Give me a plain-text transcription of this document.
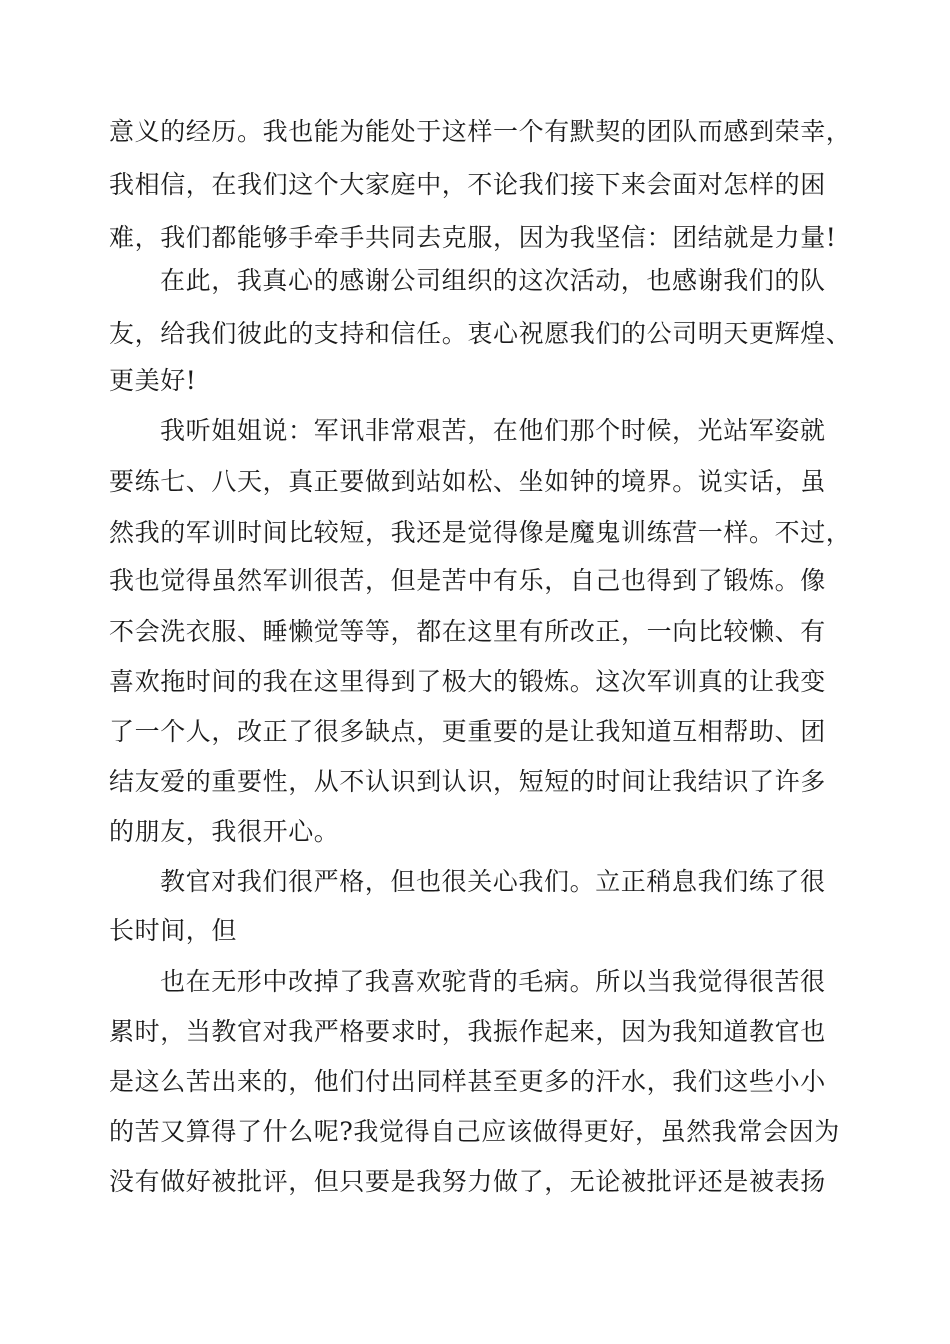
意义的经历。我也能为能处于这样一个有默契的团队而感到荣幸，
我相信，在我们这个大家庭中，不论我们接下来会面对怎样的困
难，我们都能够手牵手共同去克服，因为我坚信：团结就是力量!
在此，我真心的感谢公司组织的这次活动，也感谢我们的队
友，给我们彼此的支持和信任。衷心祝愿我们的公司明天更辉煌、
更美好!
我听姐姐说：军讯非常艰苦，在他们那个时候，光站军姿就
要练七、八天，真正要做到站如松、坐如钟的境界。说实话，虽
然我的军训时间比较短，我还是觉得像是魔鬼训练营一样。不过，
我也觉得虽然军训很苦，但是苦中有乐，自己也得到了锻炼。像
不会洗衣服、睡懒觉等等，都在这里有所改正，一向比较懒、有
喜欢拖时间的我在这里得到了极大的锻炼。这次军训真的让我变
了一个人，改正了很多缺点，更重要的是让我知道互相帮助、团
结友爱的重要性，从不认识到认识，短短的时间让我结识了许多
的朋友，我很开心。
教官对我们很严格，但也很关心我们。立正稍息我们练了很
长时间，但
也在无形中改掉了我喜欢驼背的毛病。所以当我觉得很苦很
累时，当教官对我严格要求时，我振作起来，因为我知道教官也
是这么苦出来的，他们付出同样甚至更多的汗水，我们这些小小
的苦又算得了什么呢?我觉得自己应该做得更好，虽然我常会因为
没有做好被批评，但只要是我努力做了，无论被批评还是被表扬
